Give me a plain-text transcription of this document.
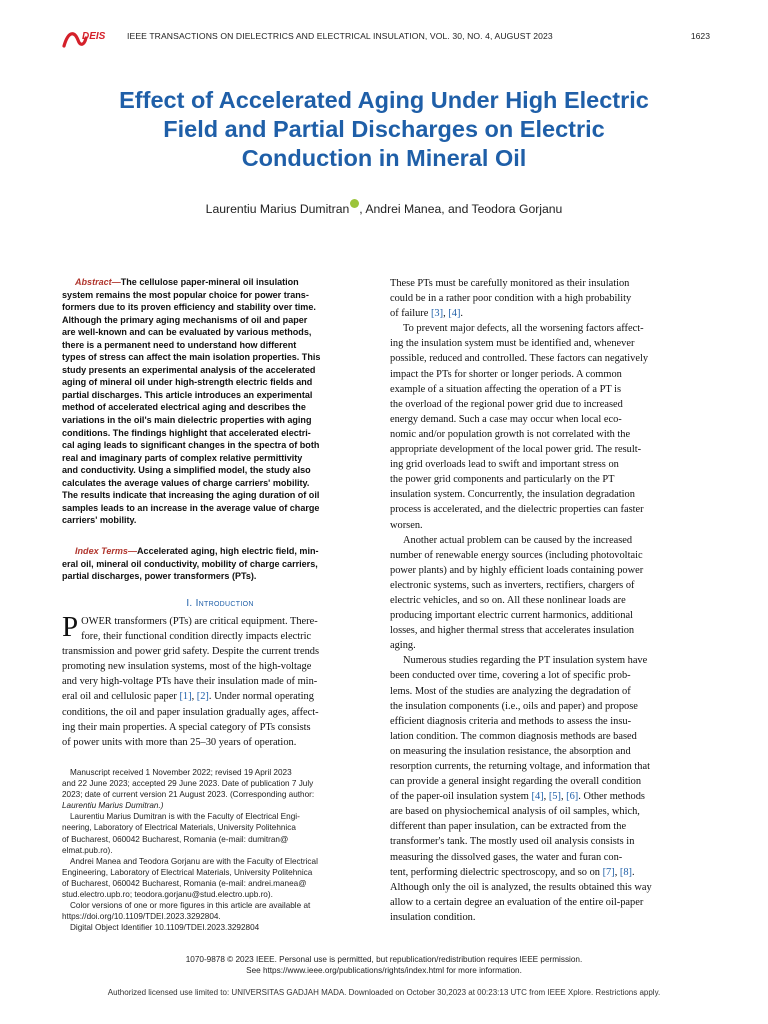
DEIS	IEEE TRANSACTIONS ON DIELECTRICS AND ELECTRICAL INSULATION, VOL. 30, NO. 4, AUGUST 2023	1623
Effect of Accelerated Aging Under High Electric
Field and Partial Discharges on Electric
Conduction in Mineral Oil
Laurentiu Marius Dumitran , Andrei Manea, and Teodora Gorjanu
Abstract—The cellulose paper-mineral oil insulation
system remains the most popular choice for power trans-
formers due to its proven efficiency and stability over time.
Although the primary aging mechanisms of oil and paper
are well-known and can be evaluated by various methods,
there is a permanent need to understand how different
types of stress can affect the main isolation properties. This
study presents an experimental analysis of the accelerated
aging of mineral oil under high-strength electric fields and
partial discharges. This article introduces an experimental
method of accelerated electrical aging and describes the
variations in the oil's main dielectric properties with aging
conditions. The findings highlight that accelerated electri-
cal aging leads to significant changes in the spectra of both
real and imaginary parts of complex relative permittivity
and conductivity. Using a simplified model, the study also
calculates the average values of charge carriers' mobility.
The results indicate that increasing the aging duration of oil
samples leads to an increase in the average value of charge
carriers' mobility.
Index Terms—Accelerated aging, high electric field, min-
eral oil, mineral oil conductivity, mobility of charge carriers,
partial discharges, power transformers (PTs).
I. Introduction
P OWER transformers (PTs) are critical equipment. There-
fore, their functional condition directly impacts electric
transmission and power grid safety. Despite the current trends
promoting new insulation systems, most of the high-voltage
and very high-voltage PTs have their insulation made of min-
eral oil and cellulosic paper [1], [2]. Under normal operating
conditions, the oil and paper insulation gradually ages, affect-
ing their main properties. A special category of PTs consists
of power units with more than 25–30 years of operation.
Manuscript received 1 November 2022; revised 19 April 2023
and 22 June 2023; accepted 29 June 2023. Date of publication 7 July
2023; date of current version 21 August 2023. (Corresponding author:
Laurentiu Marius Dumitran.)
Laurentiu Marius Dumitran is with the Faculty of Electrical Engi-
neering, Laboratory of Electrical Materials, University Politehnica
of Bucharest, 060042 Bucharest, Romania (e-mail: dumitran@
elmat.pub.ro).
Andrei Manea and Teodora Gorjanu are with the Faculty of Electrical
Engineering, Laboratory of Electrical Materials, University Politehnica
of Bucharest, 060042 Bucharest, Romania (e-mail: andrei.manea@
stud.electro.upb.ro; teodora.gorjanu@stud.electro.upb.ro).
Color versions of one or more figures in this article are available at
https://doi.org/10.1109/TDEI.2023.3292804.
Digital Object Identifier 10.1109/TDEI.2023.3292804
These PTs must be carefully monitored as their insulation
could be in a rather poor condition with a high probability
of failure [3], [4].
To prevent major defects, all the worsening factors affect-
ing the insulation system must be identified and, whenever
possible, reduced and controlled. These factors can negatively
impact the PTs for shorter or longer periods. A common
example of a situation affecting the operation of a PT is
the overload of the regional power grid due to increased
energy demand. Such a case may occur when local eco-
nomic and/or population growth is not correlated with the
appropriate development of the local power grid. The result-
ing grid overloads lead to swift and important stress on
the power grid components and particularly on the PT
insulation system. Concurrently, the insulation degradation
process is accelerated, and the dielectric properties can faster
worsen.
Another actual problem can be caused by the increased
number of renewable energy sources (including photovoltaic
power plants) and by highly efficient loads containing power
electronic systems, such as inverters, rectifiers, chargers of
electric vehicles, and so on. All these nonlinear loads are
producing important electric current harmonics, additional
losses, and higher thermal stress that accelerates insulation
aging.
Numerous studies regarding the PT insulation system have
been conducted over time, covering a lot of specific prob-
lems. Most of the studies are analyzing the degradation of
the insulation components (i.e., oils and paper) and propose
efficient diagnosis criteria and methods to assess the insu-
lation condition. The common diagnosis methods are based
on measuring the insulation resistance, the absorption and
resorption currents, the returning voltage, and information that
can provide a general insight regarding the overall condition
of the paper-oil insulation system [4], [5], [6]. Other methods
are based on physiochemical analysis of oil samples, which,
different than paper insulation, can be extracted from the
transformer's tank. The mostly used oil analysis consists in
measuring the dissolved gases, the water and furan con-
tent, performing dielectric spectroscopy, and so on [7], [8].
Although only the oil is analyzed, the results obtained this way
allow to a certain degree an evaluation of the entire oil-paper
insulation condition.
1070-9878 © 2023 IEEE. Personal use is permitted, but republication/redistribution requires IEEE permission.
See https://www.ieee.org/publications/rights/index.html for more information.
Authorized licensed use limited to: UNIVERSITAS GADJAH MADA. Downloaded on October 30,2023 at 00:23:13 UTC from IEEE Xplore. Restrictions apply.
